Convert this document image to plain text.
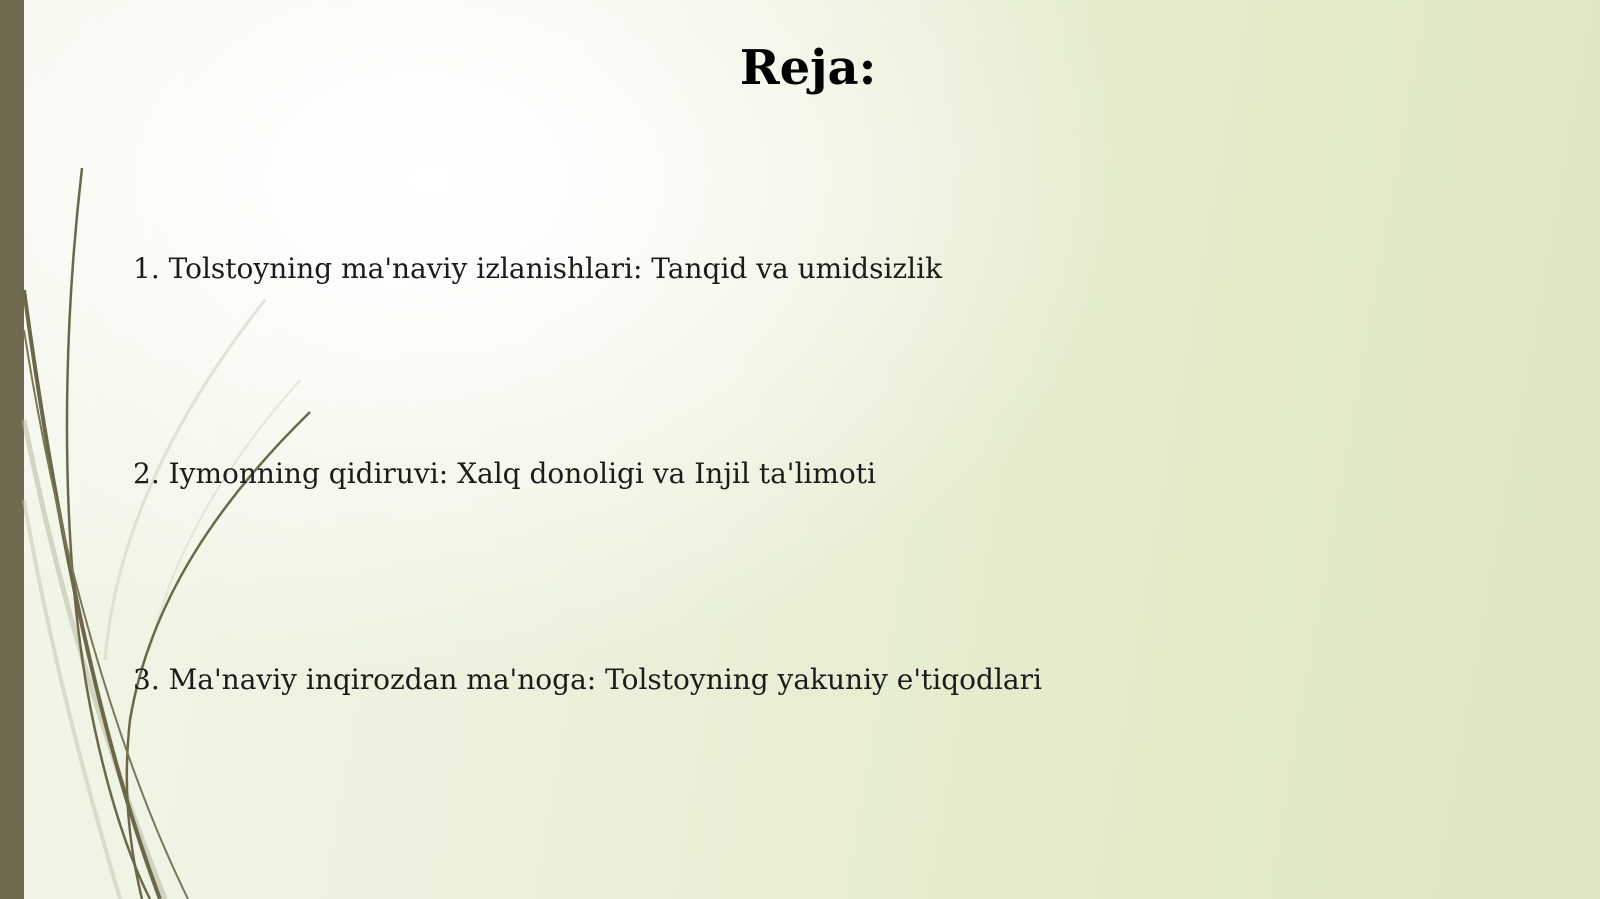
Reja:
1. Tolstoyning ma'naviy izlanishlari: Tanqid va umidsizlik
2. Iymonning qidiruvi: Xalq donoligi va Injil ta'limoti
3. Ma'naviy inqirozdan ma'noga: Tolstoyning yakuniy e'tiqodlari
